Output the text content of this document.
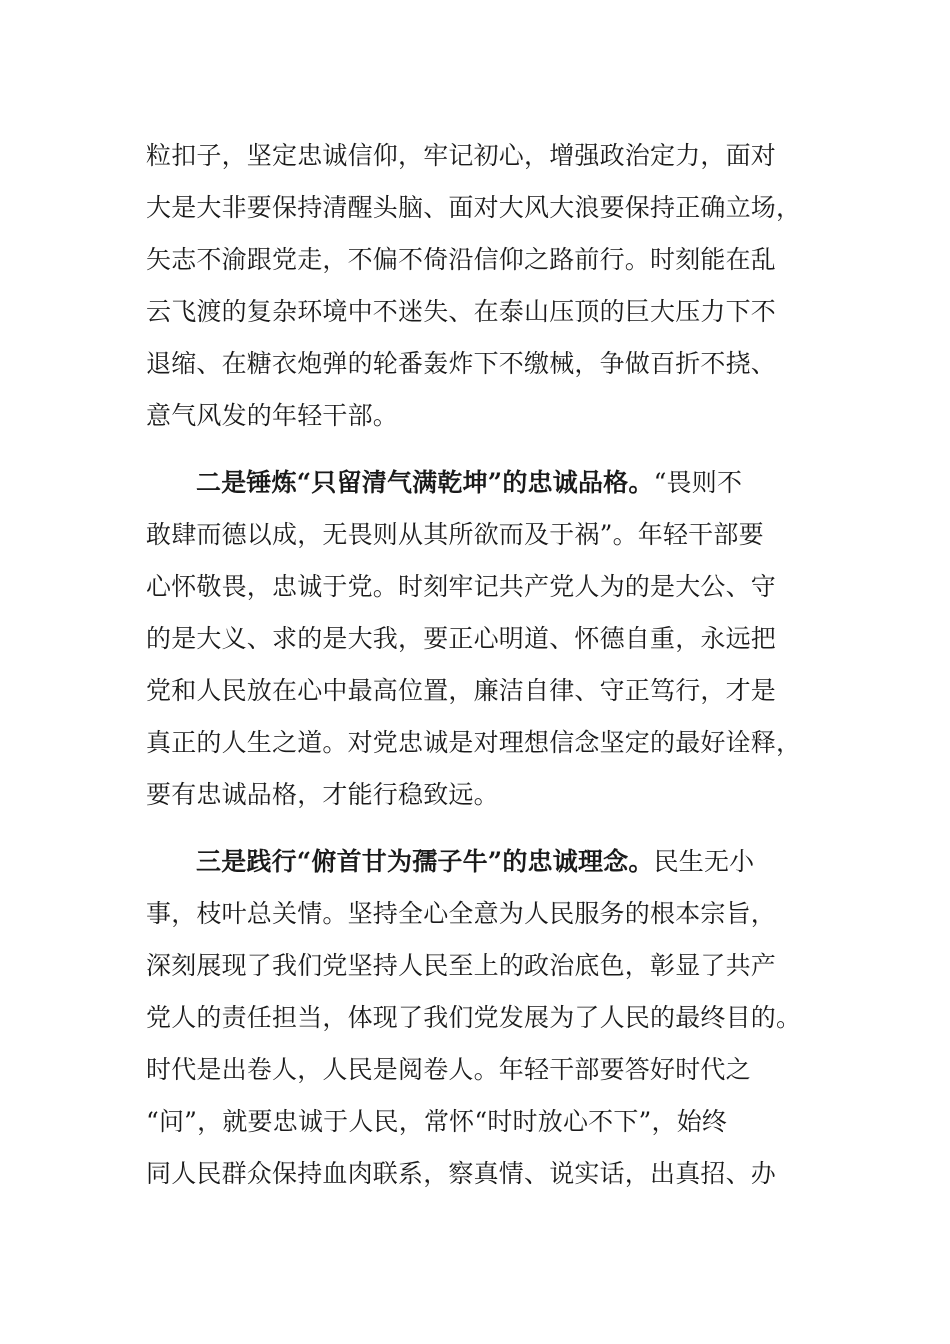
粒扣子，坚定忠诚信仰，牢记初心，增强政治定力，面对
大是大非要保持清醒头脑、面对大风大浪要保持正确立场，
矢志不渝跟党走，不偏不倚沿信仰之路前行。时刻能在乱
云飞渡的复杂环境中不迷失、在泰山压顶的巨大压力下不
退缩、在糖衣炮弹的轮番轰炸下不缴械，争做百折不挠、
意气风发的年轻干部。
二是锤炼“只留清气满乾坤”的忠诚品格。“畏则不
敢肆而德以成，无畏则从其所欲而及于祸”。年轻干部要
心怀敬畏，忠诚于党。时刻牢记共产党人为的是大公、守
的是大义、求的是大我，要正心明道、怀德自重，永远把
党和人民放在心中最高位置，廉洁自律、守正笃行，才是
真正的人生之道。对党忠诚是对理想信念坚定的最好诠释，
要有忠诚品格，才能行稳致远。
三是践行“俯首甘为孺子牛”的忠诚理念。民生无小
事，枝叶总关情。坚持全心全意为人民服务的根本宗旨，
深刻展现了我们党坚持人民至上的政治底色，彰显了共产
党人的责任担当，体现了我们党发展为了人民的最终目的。
时代是出卷人，人民是阅卷人。年轻干部要答好时代之
“问”，就要忠诚于人民，常怀“时时放心不下”，始终
同人民群众保持血肉联系，察真情、说实话，出真招、办
